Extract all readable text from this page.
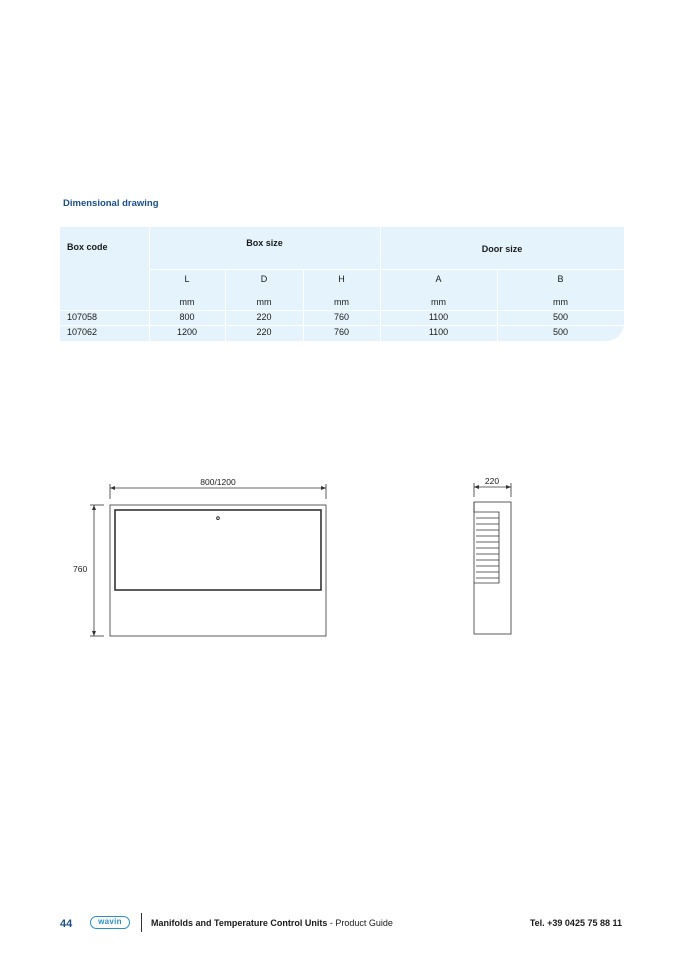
Dimensional drawing
Box code	Box size
Door size
L	D	H	A	B
mm	mm	mm	mm	mm
107058	800	220	760	1100	500
107062	1200	220	760	1100	500
800/1200
760
220
D
44	wavin	Manifolds and Temperature Control Units - Product Guide	Tel. +39 0425 75 88 11
